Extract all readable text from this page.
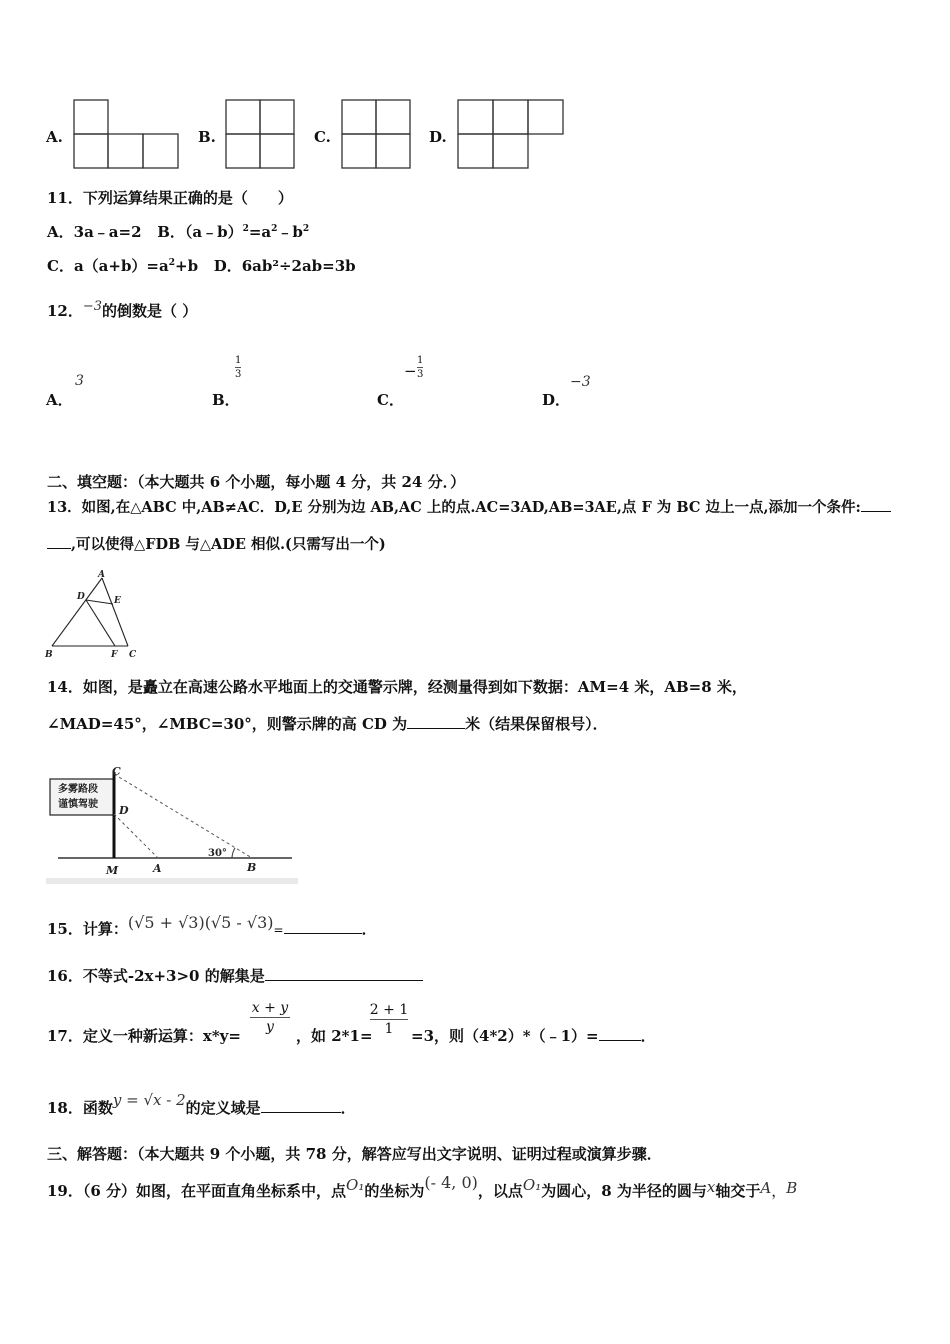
A.	B.	C.	D.
11．下列运算结果正确的是（　　）
A．3a﹣a=2 B．$(a﹣b)^2=a^2﹣b^2$
C．$a(a+b)=a^2+b$ D．6ab²÷2ab=3b
12．−3的倒数是（ ）
A．
3
B．
1
3
C．
−
1
3
D．
−3
二、填空题：（本大题共 6 个小题，每小题 4 分，共 24 分．）
13．如图,在△ABC 中,AB≠AC．D,E 分别为边 AB,AC 上的点.AC=3AD,AB=3AE,点 F 为 BC 边上一点,添加一个条件:
,可以使得△FDB 与△ADE 相似.(只需写出一个)
A
D	E
B	F C
14．如图，是矗立在高速公路水平地面上的交通警示牌，经测量得到如下数据：AM=4 米，AB=8 米，
∠MAD=45°，∠MBC=30°，则警示牌的高 CD 为	米（结果保留根号）．
多雾路段
谨慎驾驶
C
D
M	A	B
30°
15．计算：(√5 + √3)(√5 - √3)=	．
16．不等式-2x+3>0 的解集是
17．定义一种新运算：x*y=
x + y
y ，如 2*1=
2 + 1
1 =3，则（4*2）*（﹣1）=	．
18．函数y = √x - 2的定义域是	．
三、解答题：（本大题共 9 个小题，共 78 分，解答应写出文字说明、证明过程或演算步骤．
19．（6 分）如图，在平面直角坐标系中，点O₁的坐标为(- 4, 0)，以点O₁为圆心，8 为半径的圆与x轴交于A，B
